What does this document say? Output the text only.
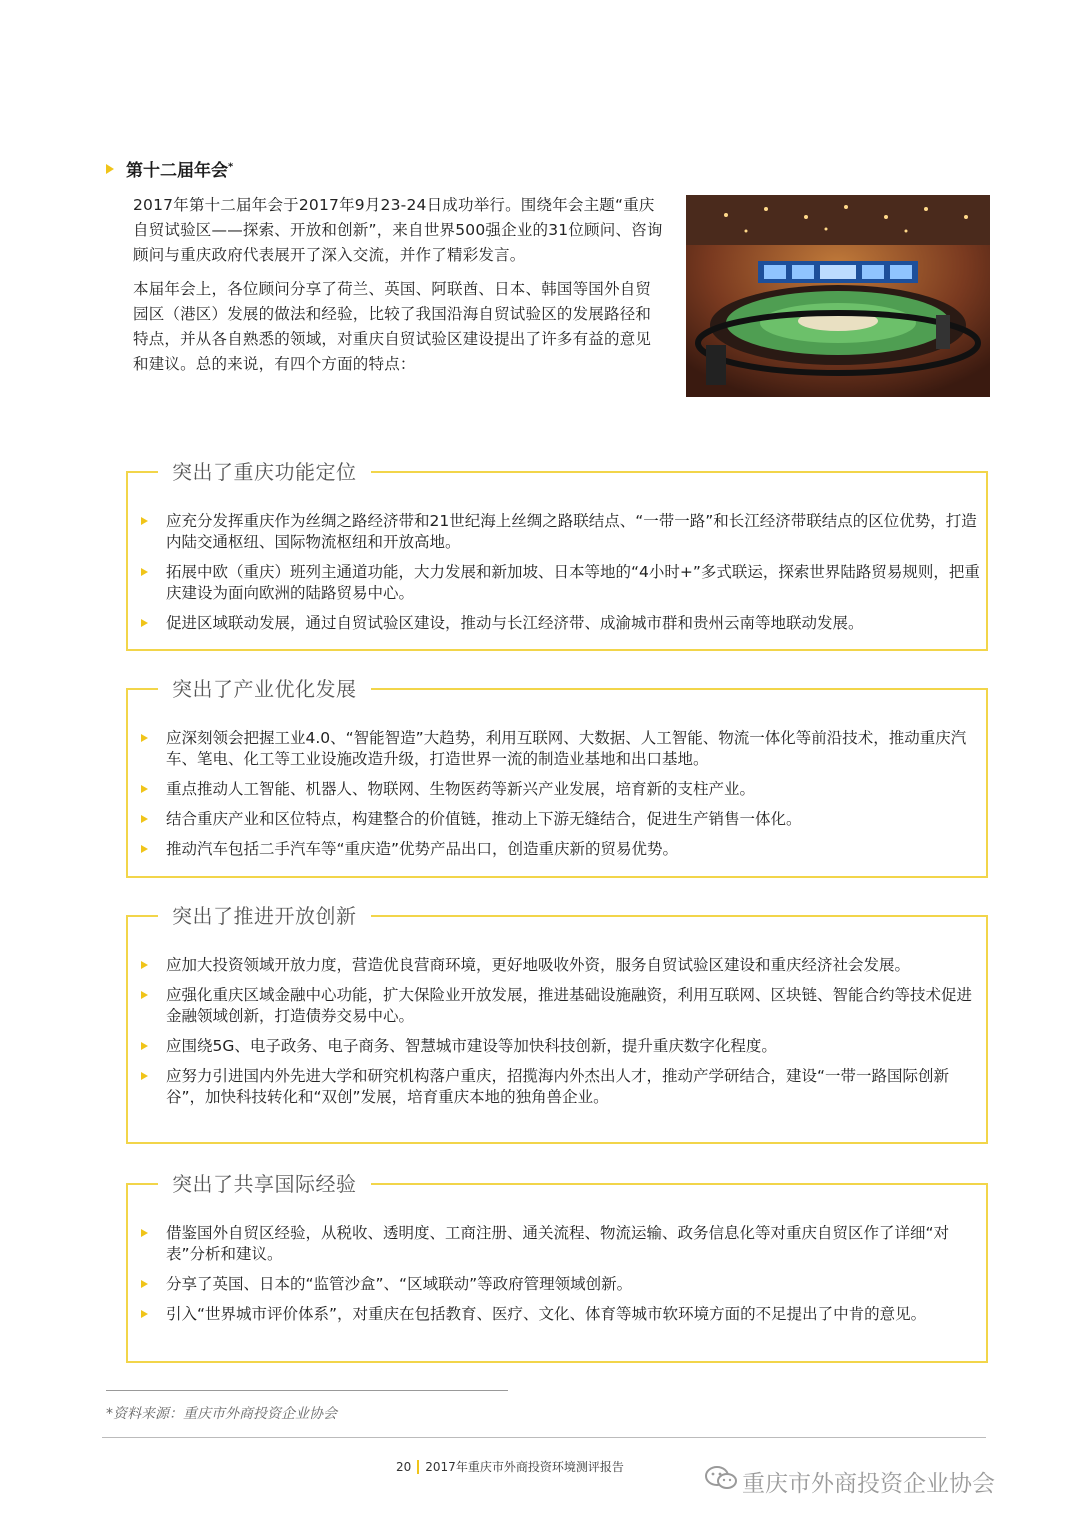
第十二届年会*

2017年第十二届年会于2017年9月23-24日成功举行。围绕年会主题“重庆自贸试验区——探索、开放和创新”，来自世界500强企业的31位顾问、咨询顾问与重庆政府代表展开了深入交流，并作了精彩发言。

本届年会上，各位顾问分享了荷兰、英国、阿联酋、日本、韩国等国外自贸园区（港区）发展的做法和经验，比较了我国沿海自贸试验区的发展路径和特点，并从各自熟悉的领域，对重庆自贸试验区建设提出了许多有益的意见和建议。总的来说，有四个方面的特点：

突出了重庆功能定位
应充分发挥重庆作为丝绸之路经济带和21世纪海上丝绸之路联结点、“一带一路”和长江经济带联结点的区位优势，打造内陆交通枢纽、国际物流枢纽和开放高地。
拓展中欧（重庆）班列主通道功能，大力发展和新加坡、日本等地的“4小时+”多式联运，探索世界陆路贸易规则，把重庆建设为面向欧洲的陆路贸易中心。
促进区域联动发展，通过自贸试验区建设，推动与长江经济带、成渝城市群和贵州云南等地联动发展。
突出了产业优化发展
应深刻领会把握工业4.0、“智能智造”大趋势，利用互联网、大数据、人工智能、物流一体化等前沿技术，推动重庆汽车、笔电、化工等工业设施改造升级，打造世界一流的制造业基地和出口基地。
重点推动人工智能、机器人、物联网、生物医药等新兴产业发展，培育新的支柱产业。
结合重庆产业和区位特点，构建整合的价值链，推动上下游无缝结合，促进生产销售一体化。
推动汽车包括二手汽车等“重庆造”优势产品出口，创造重庆新的贸易优势。
突出了推进开放创新
应加大投资领域开放力度，营造优良营商环境，更好地吸收外资，服务自贸试验区建设和重庆经济社会发展。
应强化重庆区域金融中心功能，扩大保险业开放发展，推进基础设施融资，利用互联网、区块链、智能合约等技术促进金融领域创新，打造债券交易中心。
应围绕5G、电子政务、电子商务、智慧城市建设等加快科技创新，提升重庆数字化程度。
应努力引进国内外先进大学和研究机构落户重庆，招揽海内外杰出人才，推动产学研结合，建设“一带一路国际创新谷”，加快科技转化和“双创”发展，培育重庆本地的独角兽企业。
突出了共享国际经验
借鉴国外自贸区经验，从税收、透明度、工商注册、通关流程、物流运输、政务信息化等对重庆自贸区作了详细“对表”分析和建议。
分享了英国、日本的“监管沙盒”、“区域联动”等政府管理领域创新。
引入“世界城市评价体系”，对重庆在包括教育、医疗、文化、体育等城市软环境方面的不足提出了中肯的意见。
*资料来源：重庆市外商投资企业协会
20 2017年重庆市外商投资环境测评报告
重庆市外商投资企业协会
